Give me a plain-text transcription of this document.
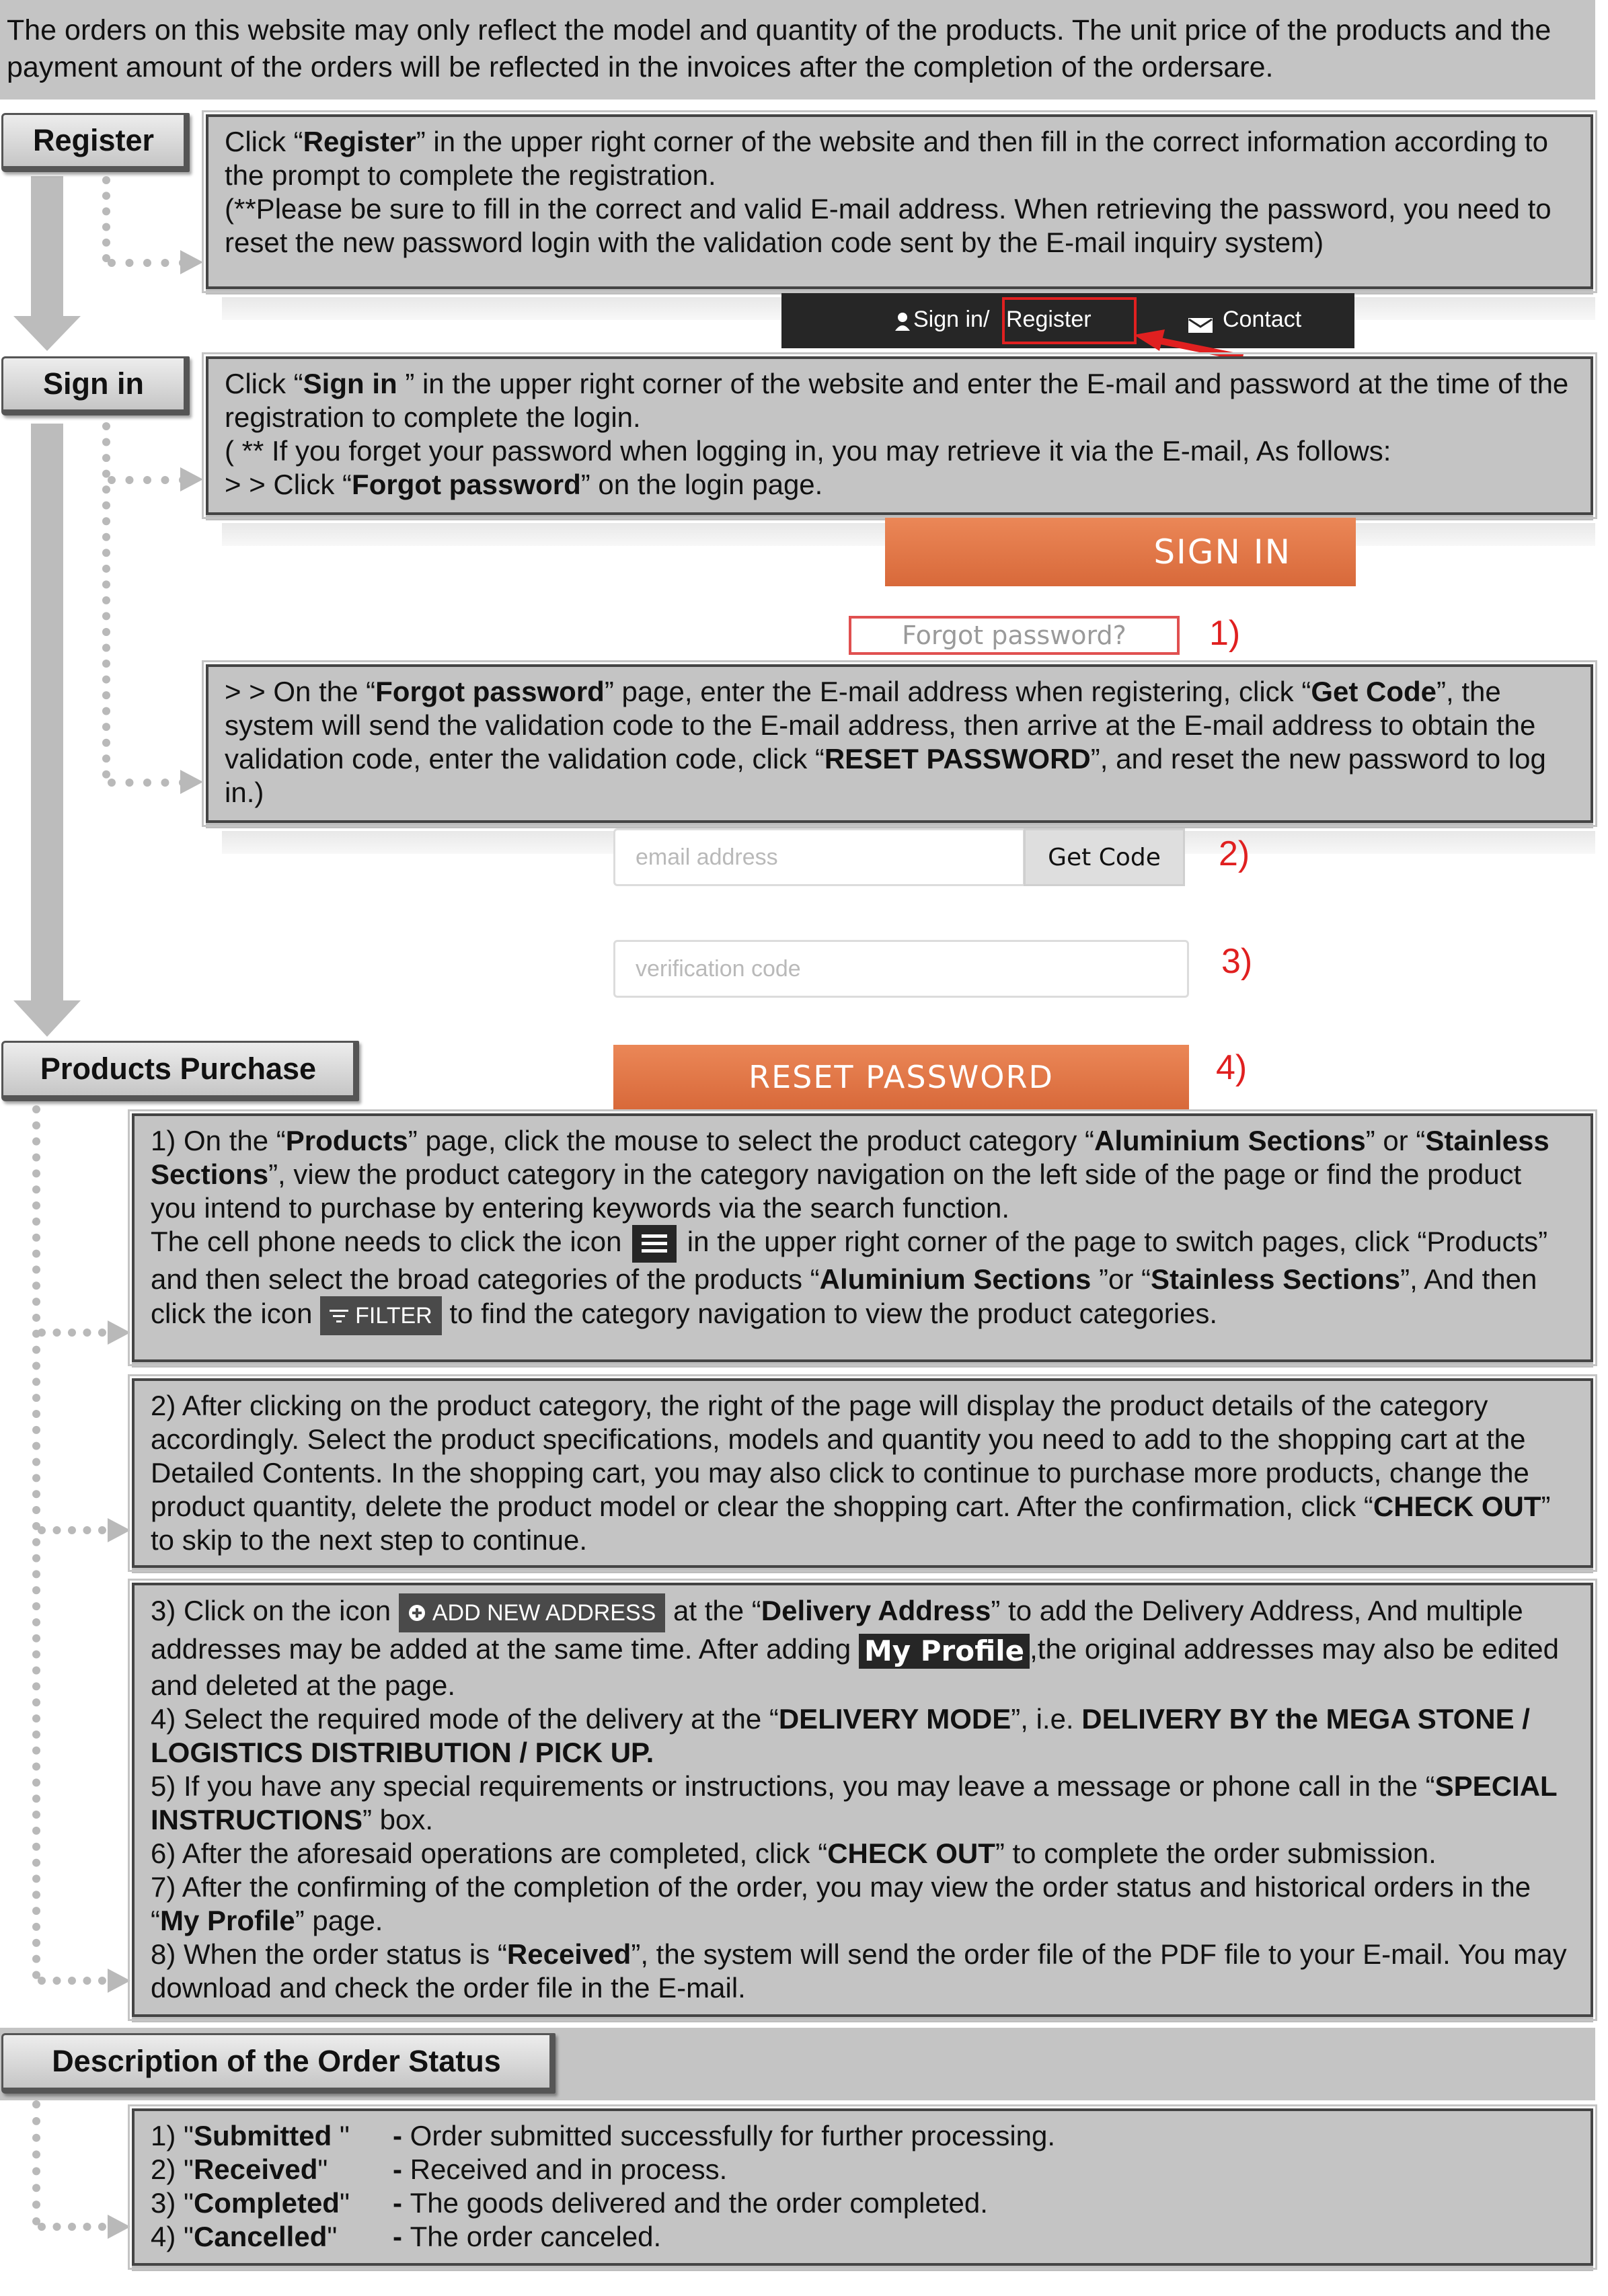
The orders on this website may only reflect the model and quantity of the products. The unit price of the products and the payment amount of the orders will be reflected in the invoices after the completion of the ordersare.
Register Click “Register” in the upper right corner of the website and then fill in the correct information according to the prompt to complete the registration.
(**Please be sure to fill in the correct and valid E-mail address. When retrieving the password, you need to reset the new password login with the validation code sent by the E-mail inquiry system)
Sign in/ Register	Contact
Sign in	Click “Sign in ” in the upper right corner of the website and enter the E-mail and password at the time of the registration to complete the login.
( ** If you forget your password when logging in, you may retrieve it via the E-mail, As follows:
> > Click “Forgot password” on the login page.
SIGN IN
Forgot password? 1)
> > On the “Forgot password” page, enter the E-mail address when registering, click “Get Code”, the system will send the validation code to the E-mail address, then arrive at the E-mail address to obtain the validation code, enter the validation code, click “RESET PASSWORD”, and reset the new password to log in.)
email address	Get Code 2)
verification code	3)
RESET PASSWORD	4)
Products Purchase
1) On the “Products” page, click the mouse to select the product category “Aluminium Sections” or “Stainless Sections”, view the product category in the category navigation on the left side of the page or find the product you intend to purchase by entering keywords via the search function.
The cell phone needs to click the icon  in the upper right corner of the page to switch pages, click “Products” and then select the broad categories of the products “Aluminium Sections ”or “Stainless Sections”, And then click the icon FILTER to find the category navigation to view the product categories.
2) After clicking on the product category, the right of the page will display the product details of the category accordingly. Select the product specifications, models and quantity you need to add to the shopping cart at the Detailed Contents. In the shopping cart, you may also click to continue to purchase more products, change the product quantity, delete the product model or clear the shopping cart. After the confirmation, click “CHECK OUT” to skip to the next step to continue.
3) Click on the icon ADD NEW ADDRESS at the “Delivery Address” to add the Delivery Address, And multiple addresses may be added at the same time. After adding My Profile ,the original addresses may also be edited and deleted at the page.
4) Select the required mode of the delivery at the “DELIVERY MODE”, i.e. DELIVERY BY the MEGA STONE / LOGISTICS DISTRIBUTION / PICK UP.
5) If you have any special requirements or instructions, you may leave a message or phone call in the “SPECIAL INSTRUCTIONS” box.
6) After the aforesaid operations are completed, click “CHECK OUT” to complete the order submission.
7) After the confirming of the completion of the order, you may view the order status and historical orders in the “My Profile” page.
8) When the order status is “Received”, the system will send the order file of the PDF file to your E-mail. You may download and check the order file in the E-mail.
Description of the Order Status
1) "Submitted "	- Order submitted successfully for further processing.
2) "Received"	- Received and in process.
3) "Completed"	- The goods delivered and the order completed.
4) "Cancelled"	- The order canceled.
